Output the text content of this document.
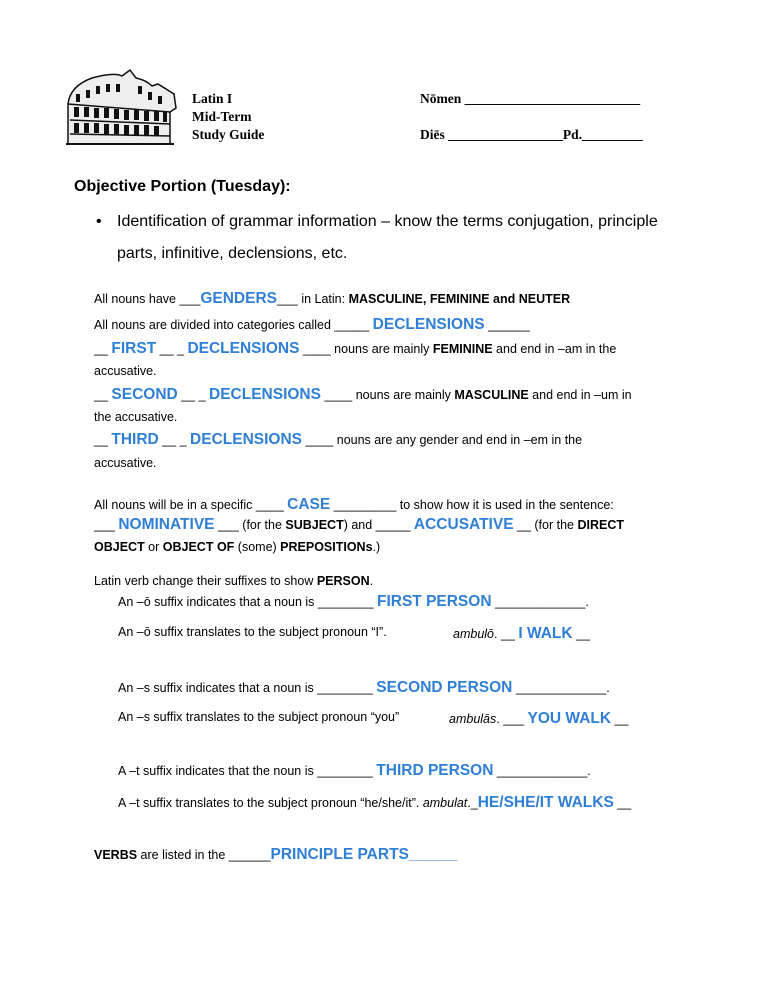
Latin I
Mid-Term
Study Guide
Nōmen __________________________
Diēs _________________Pd._________
Objective Portion (Tuesday):
• Identification of grammar information – know the terms conjugation, principle
parts, infinitive, declensions, etc.
All nouns have ___GENDERS___ in Latin: MASCULINE, FEMININE and NEUTER
All nouns are divided into categories called _____ DECLENSIONS ______
__ FIRST __ _ DECLENSIONS ____ nouns are mainly FEMININE and end in –am in the
accusative.
__ SECOND __ _ DECLENSIONS ____ nouns are mainly MASCULINE and end in –um in
the accusative.
__ THIRD __ _ DECLENSIONS ____ nouns are any gender and end in –em in the
accusative.
All nouns will be in a specific ____ CASE _________ to show how it is used in the sentence:
___ NOMINATIVE ___ (for the SUBJECT) and _____ ACCUSATIVE __ (for the DIRECT
OBJECT or OBJECT OF (some) PREPOSITIONs.)
Latin verb change their suffixes to show PERSON.
An –ō suffix indicates that a noun is ________ FIRST PERSON _____________.
An –ō suffix translates to the subject pronoun “I”.	ambulō. __ I WALK __
An –s suffix indicates that a noun is ________ SECOND PERSON _____________.
An –s suffix translates to the subject pronoun “you”	ambulās. ___ YOU WALK __
A –t suffix indicates that the noun is ________ THIRD PERSON _____________.
A –t suffix translates to the subject pronoun “he/she/it”. ambulat._HE/SHE/IT WALKS __
VERBS are listed in the ______PRINCIPLE PARTS_______
